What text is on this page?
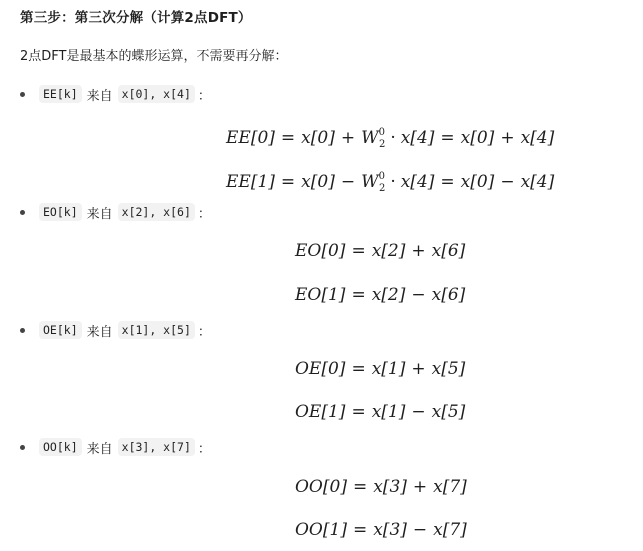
第三步：第三次分解（计算2点DFT）
2点DFT是最基本的蝶形运算，不需要再分解：
EE[k] 来自 x[0], x[4] ：
$EE[0] = x[0] + W^0_2 \cdot x[4] = x[0] + x[4]$
$EE[1] = x[0] - W^0_2 \cdot x[4] = x[0] - x[4]$
EO[k] 来自 x[2], x[6] ：
EO[0] = x[2] + x[6]
EO[1] = x[2] − x[6]
OE[k] 来自 x[1], x[5] ：
OE[0] = x[1] + x[5]
OE[1] = x[1] − x[5]
OO[k] 来自 x[3], x[7] ：
OO[0] = x[3] + x[7]
OO[1] = x[3] − x[7]
